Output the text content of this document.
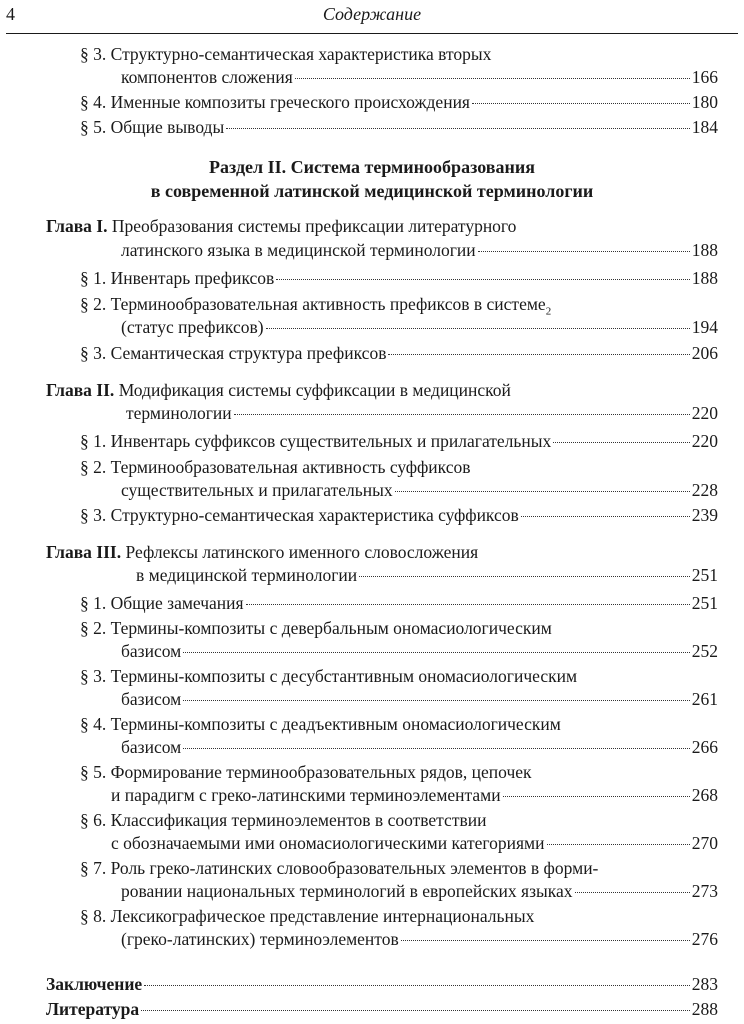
4	Содержание
§ 3. Структурно-семантическая характеристика вторых
компонентов сложения	166
§ 4. Именные композиты греческого происхождения	180
§ 5. Общие выводы	184
Раздел II. Система терминообразования
в современной латинской медицинской терминологии
Глава I. Преобразования системы префиксации литературного
латинского языка в медицинской терминологии	188
§ 1. Инвентарь префиксов	188
§ 2. Терминообразовательная активность префиксов в системе$_2$
(статус префиксов)	194
§ 3. Семантическая структура префиксов	206
Глава II. Модификация системы суффиксации в медицинской
терминологии	220
§ 1. Инвентарь суффиксов существительных и прилагательных	220
§ 2. Терминообразовательная активность суффиксов
существительных и прилагательных	228
§ 3. Структурно-семантическая характеристика суффиксов	239
Глава III. Рефлексы латинского именного словосложения
в медицинской терминологии	251
§ 1. Общие замечания	251
§ 2. Термины-композиты с девербальным ономасиологическим
базисом	252
§ 3. Термины-композиты с десубстантивным ономасиологическим
базисом	261
§ 4. Термины-композиты с деадъективным ономасиологическим
базисом	266
§ 5. Формирование терминообразовательных рядов, цепочек
и парадигм с греко-латинскими терминоэлементами	268
§ 6. Классификация терминоэлементов в соответствии
с обозначаемыми ими ономасиологическими категориями	270
§ 7. Роль греко-латинских словообразовательных элементов в форми-
ровании национальных терминологий в европейских языках	273
§ 8. Лексикографическое представление интернациональных
(греко-латинских) терминоэлементов	276
Заключение	283
Литература	288
